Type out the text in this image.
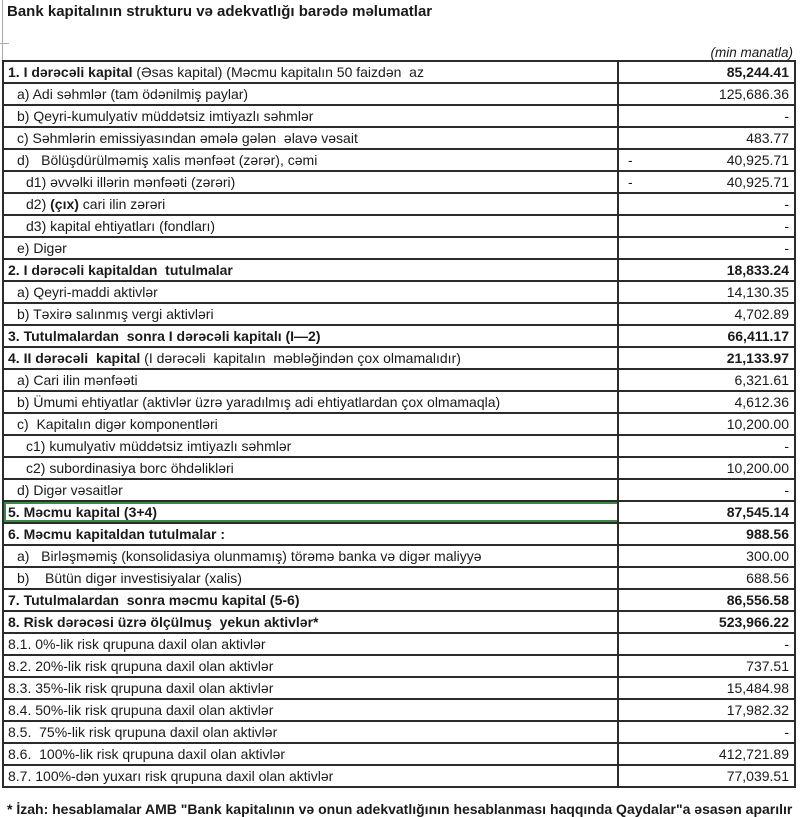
Bank kapitalının strukturu və adekvatlığı barədə məlumatlar
(min manatla)
1. I dərəcəli kapital (Əsas kapital) (Məcmu kapitalın 50 faizdən  az	85,244.41
a) Adi səhmlər (tam ödənilmiş paylar)	125,686.36
b) Qeyri-kumulyativ müddətsiz imtiyazlı səhmlər	-
c) Səhmlərin emissiyasından əmələ gələn  əlavə vəsait	483.77
d)   Bölüşdürülməmiş xalis mənfəət (zərər), cəmi	-	40,925.71
d1) əvvəlki illərin mənfəəti (zərəri)	-	40,925.71
d2) (çıx) cari ilin zərəri	-
d3) kapital ehtiyatları (fondları)	-
e) Digər	-
2. I dərəcəli kapitaldan  tutulmalar	18,833.24
a) Qeyri-maddi aktivlər	14,130.35
b) Təxirə salınmış vergi aktivləri	4,702.89
3. Tutulmalardan  sonra I dərəcəli kapitalı (I—2)	66,411.17
4. II dərəcəli  kapital (I dərəcəli  kapitalın  məbləğindən çox olmamalıdır)	21,133.97
a) Cari ilin mənfəəti	6,321.61
b) Ümumi ehtiyatlar (aktivlər üzrə yaradılmış adi ehtiyatlardan çox olmamaqla)	4,612.36
c)  Kapitalın digər komponentləri	10,200.00
c1) kumulyativ müddətsiz imtiyazlı səhmlər	-
c2) subordinasiya borc öhdəlikləri	10,200.00
d) Digər vəsaitlər	-
5. Məcmu kapital (3+4)	87,545.14
6. Məcmu kapitaldan tutulmalar :	988.56
a)   Birləşməmiş (konsolidasiya olunmamış) törəmə banka və digər maliyyə	300.00
b)    Bütün digər investisiyalar (xalis)	688.56
7. Tutulmalardan  sonra məcmu kapital (5-6)	86,556.58
8. Risk dərəcəsi üzrə ölçülmuş  yekun aktivlər*	523,966.22
8.1. 0%-lik risk qrupuna daxil olan aktivlər	-
8.2. 20%-lik risk qrupuna daxil olan aktivlər	737.51
8.3. 35%-lik risk qrupuna daxil olan aktivlər	15,484.98
8.4. 50%-lik risk qrupuna daxil olan aktivlər	17,982.32
8.5.  75%-lik risk qrupuna daxil olan aktivlər	-
8.6.  100%-lik risk qrupuna daxil olan aktivlər	412,721.89
8.7. 100%-dən yuxarı risk qrupuna daxil olan aktivlər	77,039.51
* İzah: hesablamalar AMB "Bank kapitalının və onun adekvatlığının hesablanması haqqında Qaydalar"a əsasən aparılır
